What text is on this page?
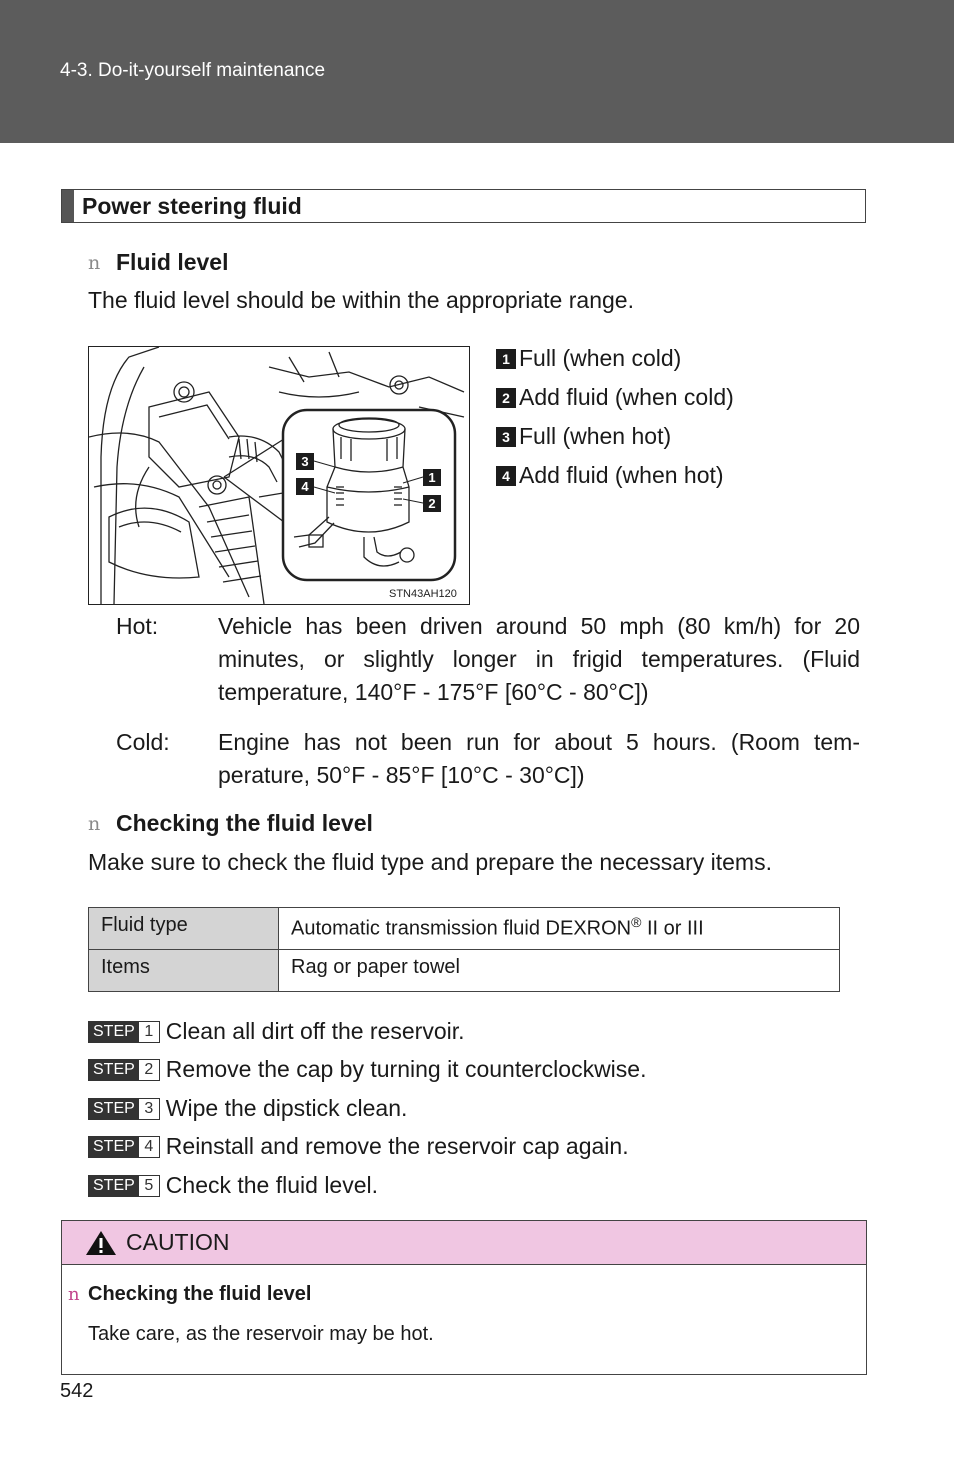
4-3. Do-it-yourself maintenance
Power steering fluid
n Fluid level
The fluid level should be within the appropriate range.
3
4
1
2
STN43AH120
1 Full (when cold)
2 Add fluid (when cold)
3 Full (when hot)
4 Add fluid (when hot)
Hot:	Vehicle has been driven around 50 mph (80 km/h) for 20 minutes, or slightly longer in frigid temperatures. (Fluid temperature, 140°F - 175°F [60°C - 80°C])
Cold:	Engine has not been run for about 5 hours. (Room tem-perature, 50°F - 85°F [10°C - 30°C])
n Checking the fluid level
Make sure to check the fluid type and prepare the necessary items.
Fluid type	Automatic transmission fluid DEXRON® II or III
Items	Rag or paper towel
STEP 1 Clean all dirt off the reservoir.
STEP 2 Remove the cap by turning it counterclockwise.
STEP 3 Wipe the dipstick clean.
STEP 4 Reinstall and remove the reservoir cap again.
STEP 5 Check the fluid level.
CAUTION
n Checking the fluid level
Take care, as the reservoir may be hot.
542
